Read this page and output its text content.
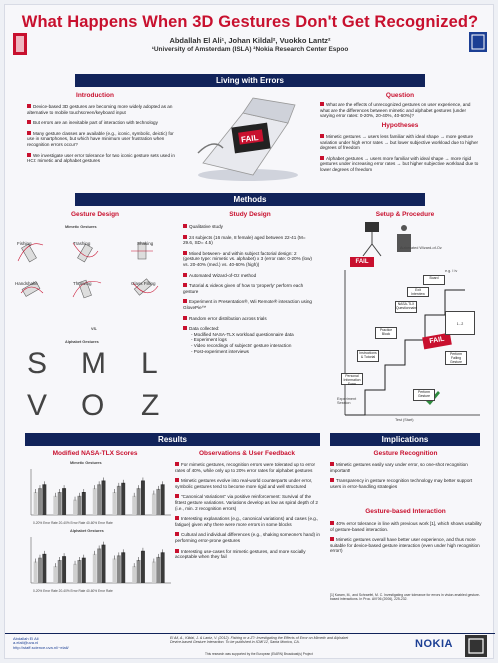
What Happens When 3D Gestures Don't Get Recognized?
Abdallah El Ali¹, Johan Kildal², Vuokko Lantz²
¹University of Amsterdam (ISLA) ²Nokia Research Center Espoo
Living with Errors
Introduction
Device-based 3D gestures are becoming more widely adopted as an alternative to mobile touchscreen/keyboard input
But errors are an inevitable part of interaction with technology
Many gesture classes are available (e.g., iconic, symbolic, deictic) for use in smartphones, but which have minimum user frustration when recognition errors occur?
We investigate user error tolerance for two iconic gesture sets used in HCI: mimetic and alphabet gestures
FAIL
Question
What are the effects of unrecognized gestures on user experience, and what are the differences between mimetic and alphabet gestures (under varying error rates: 0-20%, 20-40%, 40-60%)?
Hypotheses
Mimetic gestures → users less familiar with ideal shape → more gesture variation under high error rates → but lower subjective workload due to higher degrees of freedom
Alphabet gestures → users more familiar with ideal shape → more rigid gestures under increasing error rates → but higher subjective workload due to lower degrees of freedom
Methods
Gesture Design
Mimetic Gestures
Fishing	Trashing	Shaking
Handshake	Throwing	Glass Filling
VS.
Alphabet Gestures
S M L
V O Z
Study Design
Qualitative study
24 subjects (16 male, 8 female) aged between 22-41 (M= 29.6, SD= 4.5)
Mixed between- and within subject factorial design: 2 (gesture type: mimetic vs. alphabet) x 3 (error rate: 0-20% (low) vs. 20-40% (med.) vs. 40-60% (high))
Automated Wizard-of-Oz method
Tutorial & videos given of how to 'properly' perform each gesture
Experiment in Presentation®, Wii Remote® interaction using GlovePie™
Random error distribution across trials
Data collected:
- Modified NASA-TLX workload questionnaire data
- Experiment logs
- Video recordings of subjects' gesture interaction
- Post-experiment interviews
Setup & Procedure
Automated Wizard-of-Oz
FAIL
Board
Exit Interview
NASA-TLX Questionnaire
Practice Block
Instructions & Tutorial
Personal Information Form
Perform Gesture
Perform Failing Gesture
FAIL
1...2
e.g. I iv
Test (Start)
Experiment Session
Results	Implications
Modified NASA-TLX Scores
Mimetic Gestures
0-20% Error Rate 20-40% Error Rate 40-60% Error Rate
Alphabet Gestures
0-20% Error Rate 20-40% Error Rate 40-60% Error Rate
Observations & User Feedback
For mimetic gestures, recognition errors were tolerated up to error rates of 40%, while only up to 20% error rates for alphabet gestures
Mimetic gestures evolve into real-world counterparts under error, symbolic gestures tend to become more rigid and well structured
"Canonical Variations" via positive reinforcement: Survival of the fittest gesture variations. Variations develop as low as spiral depth of 2 (i.e., min. 2 recognition errors)
Interesting explanations (e.g., canonical variations) and cases (e.g., fatigue) given why there were more errors in some blocks
Cultural and individual differences (e.g., shaking someone's hand) in performing error-prone gestures
Interesting use-cases for mimetic gestures, and more socially acceptable when they fail
Gesture Recognition
Mimetic gestures easily vary under error, so one-shot recognition important!
Transparency in gesture recognition technology may better support users in error-handling strategies
Gesture-based Interaction
40% error tolerance in line with previous work [1], which shows usability of gesture-based interaction.
Mimetic gestures overall have better user experience, and thus more suitable for device-based gesture interaction (even under high recognition error!)
[1] Karam, M., and Schraefel, M. C. Investigating user tolerance for errors in vision-enabled gesture-based interactions. In Proc. AVI'06 (2006), 225-232.
Abdallah El Ali
a.elali@uva.nl
http://staff.science.uva.nl/~elali/
El Ali, A., Kildal, J. & Lantz, V. (2012). Fishing or a Z?: Investigating the Effects of Error on Mimetic and Alphabet Device-based Gesture Interaction. To be published in ICMI'12, Santa Monica, CA.
This research was supported by the European (EIARN) Broadcast(s) Project
NOKIA
